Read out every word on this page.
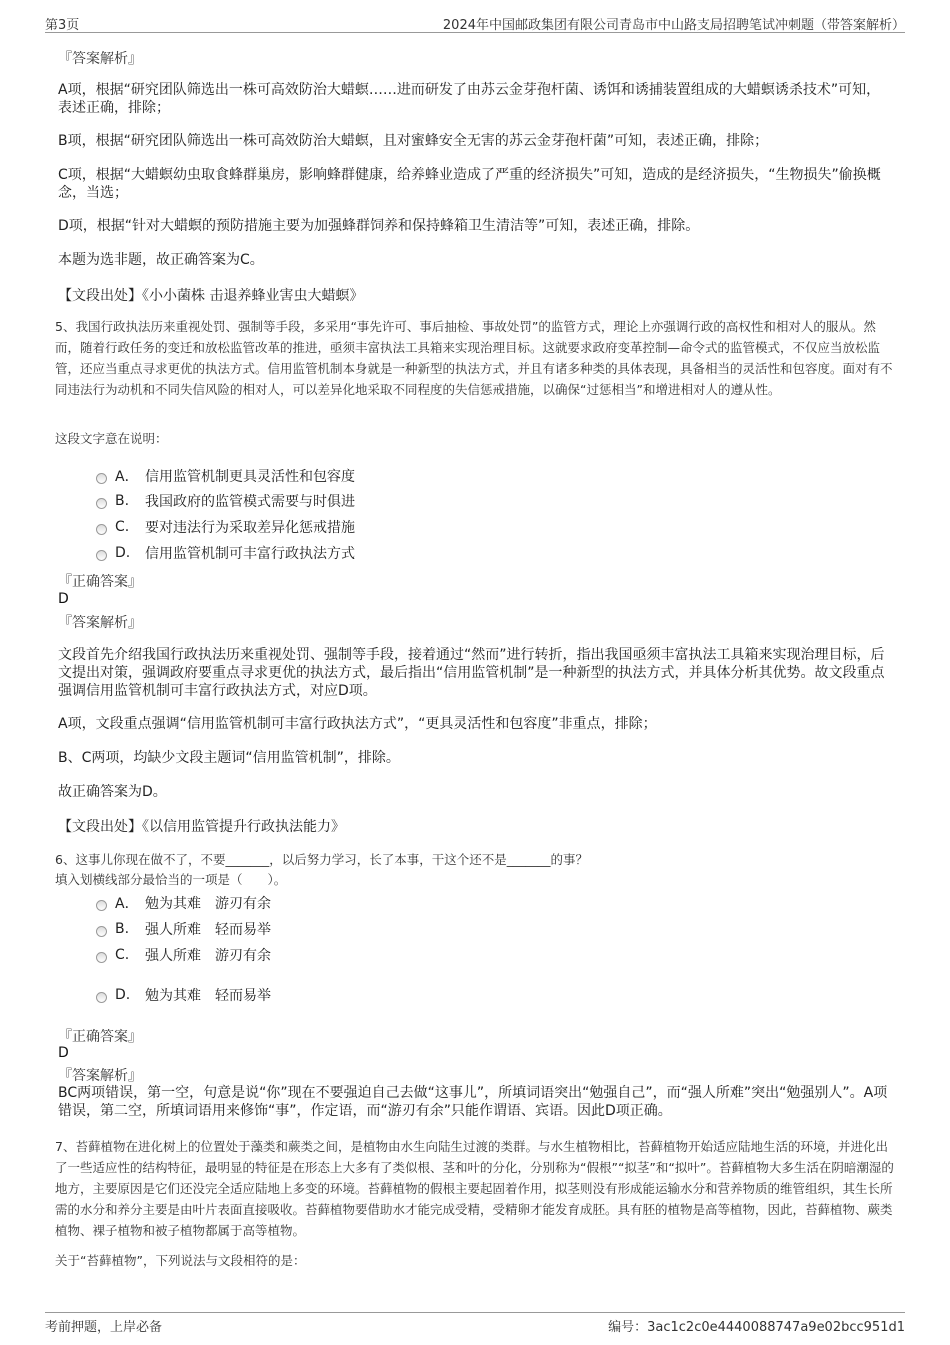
第3页	2024年中国邮政集团有限公司青岛市中山路支局招聘笔试冲刺题（带答案解析）
『答案解析』
A项，根据“研究团队筛选出一株可高效防治大蜡螟……进而研发了由苏云金芽孢杆菌、诱饵和诱捕装置组成的大蜡螟诱杀技术”可知，表述正确，排除；
B项，根据“研究团队筛选出一株可高效防治大蜡螟，且对蜜蜂安全无害的苏云金芽孢杆菌”可知，表述正确，排除；
C项，根据“大蜡螟幼虫取食蜂群巢房，影响蜂群健康，给养蜂业造成了严重的经济损失”可知，造成的是经济损失，“生物损失”偷换概念，当选；
D项，根据“针对大蜡螟的预防措施主要为加强蜂群饲养和保持蜂箱卫生清洁等”可知，表述正确，排除。
本题为选非题，故正确答案为C。
【文段出处】《小小菌株 击退养蜂业害虫大蜡螟》
5、我国行政执法历来重视处罚、强制等手段，多采用“事先许可、事后抽检、事故处罚”的监管方式，理论上亦强调行政的高权性和相对人的服从。然而，随着行政任务的变迁和放松监管改革的推进，亟须丰富执法工具箱来实现治理目标。这就要求政府变革控制—命令式的监管模式，不仅应当放松监管，还应当重点寻求更优的执法方式。信用监管机制本身就是一种新型的执法方式，并且有诸多种类的具体表现，具备相当的灵活性和包容度。面对有不同违法行为动机和不同失信风险的相对人，可以差异化地采取不同程度的失信惩戒措施，以确保“过惩相当”和增进相对人的遵从性。
这段文字意在说明：
A． 信用监管机制更具灵活性和包容度
B.	我国政府的监管模式需要与时俱进
C.	要对违法行为采取差异化惩戒措施
D.	信用监管机制可丰富行政执法方式
『正确答案』
D
『答案解析』
文段首先介绍我国行政执法历来重视处罚、强制等手段，接着通过“然而”进行转折，指出我国亟须丰富执法工具箱来实现治理目标，后文提出对策，强调政府要重点寻求更优的执法方式，最后指出“信用监管机制”是一种新型的执法方式，并具体分析其优势。故文段重点强调信用监管机制可丰富行政执法方式，对应D项。
A项，文段重点强调“信用监管机制可丰富行政执法方式”，“更具灵活性和包容度”非重点，排除；
B、C两项，均缺少文段主题词“信用监管机制”，排除。
故正确答案为D。
【文段出处】《以信用监管提升行政执法能力》
6、这事儿你现在做不了，不要_______，以后努力学习，长了本事，干这个还不是_______的事？
填入划横线部分最恰当的一项是（　　）。
A． 勉为其难　游刃有余
B.	强人所难　轻而易举
C.	强人所难　游刃有余
D.	勉为其难　轻而易举
『正确答案』
D
『答案解析』
BC两项错误，第一空，句意是说“你”现在不要强迫自己去做“这事儿”，所填词语突出“勉强自己”，而“强人所难”突出“勉强别人”。A项错误，第二空，所填词语用来修饰“事”，作定语，而“游刃有余”只能作谓语、宾语。因此D项正确。
7、苔藓植物在进化树上的位置处于藻类和蕨类之间，是植物由水生向陆生过渡的类群。与水生植物相比，苔藓植物开始适应陆地生活的环境，并进化出了一些适应性的结构特征，最明显的特征是在形态上大多有了类似根、茎和叶的分化，分别称为“假根”“拟茎”和“拟叶”。苔藓植物大多生活在阴暗潮湿的地方，主要原因是它们还没完全适应陆地上多变的环境。苔藓植物的假根主要起固着作用，拟茎则没有形成能运输水分和营养物质的维管组织，其生长所需的水分和养分主要是由叶片表面直接吸收。苔藓植物要借助水才能完成受精，受精卵才能发育成胚。具有胚的植物是高等植物，因此，苔藓植物、蕨类植物、裸子植物和被子植物都属于高等植物。
关于“苔藓植物”，下列说法与文段相符的是：
考前押题，上岸必备	编号：3ac1c2c0e4440088747a9e02bcc951d1
